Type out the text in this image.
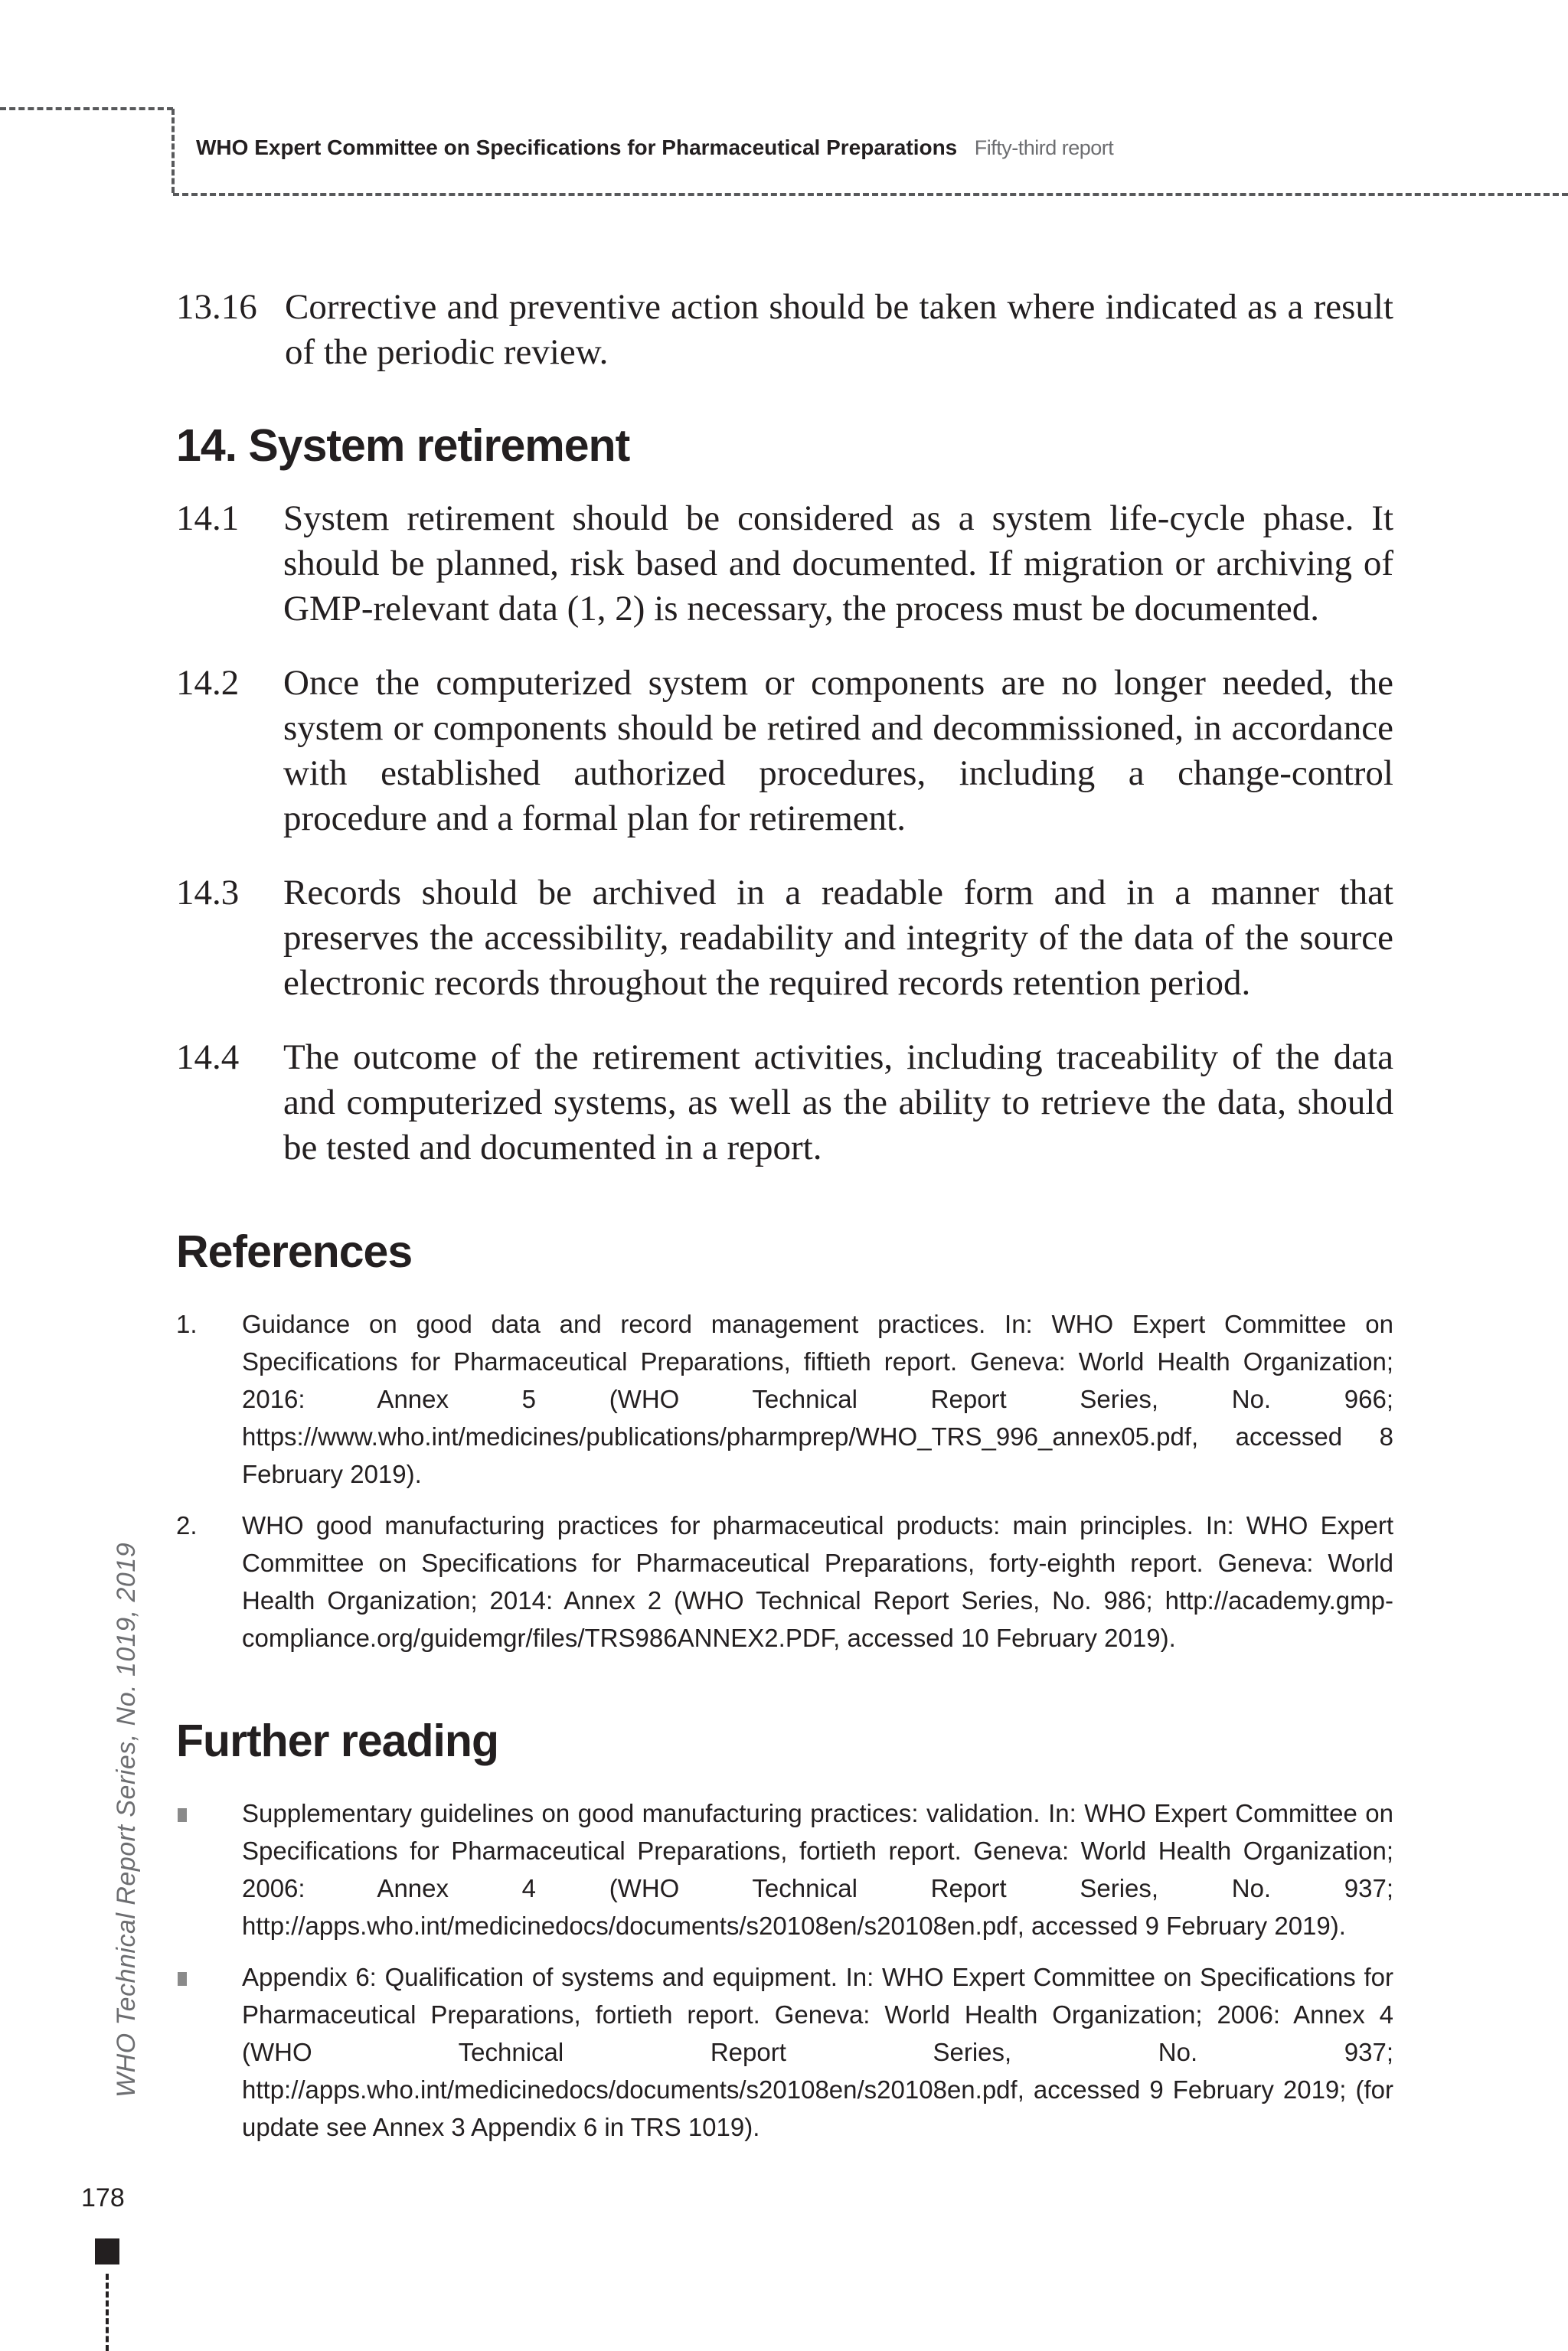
WHO Expert Committee on Specifications for Pharmaceutical Preparations Fifty-third report
13.16 Corrective and preventive action should be taken where indicated as a result of the periodic review.
14. System retirement
14.1	System retirement should be considered as a system life-cycle phase. It should be planned, risk based and documented. If migration or archiving of GMP-relevant data (1, 2) is necessary, the process must be documented.
14.2	Once the computerized system or components are no longer needed, the system or components should be retired and decommissioned, in accordance with established authorized procedures, including a change-control procedure and a formal plan for retirement.
14.3	Records should be archived in a readable form and in a manner that preserves the accessibility, readability and integrity of the data of the source electronic records throughout the required records retention period.
14.4	The outcome of the retirement activities, including traceability of the data and computerized systems, as well as the ability to retrieve the data, should be tested and documented in a report.
References
1.	Guidance on good data and record management practices. In: WHO Expert Committee on Specifications for Pharmaceutical Preparations, fiftieth report. Geneva: World Health Organization; 2016: Annex 5 (WHO Technical Report Series, No. 966; https://www.who.int/medicines/publications/pharmprep/WHO_TRS_996_annex05.pdf, accessed 8 February 2019).
2.	WHO good manufacturing practices for pharmaceutical products: main principles. In: WHO Expert Committee on Specifications for Pharmaceutical Preparations, forty-eighth report. Geneva: World Health Organization; 2014: Annex 2 (WHO Technical Report Series, No. 986; http://academy.gmp-compliance.org/guidemgr/files/TRS986ANNEX2.PDF, accessed 10 February 2019).
Further reading
Supplementary guidelines on good manufacturing practices: validation. In: WHO Expert Committee on Specifications for Pharmaceutical Preparations, fortieth report. Geneva: World Health Organization; 2006: Annex 4 (WHO Technical Report Series, No. 937; http://apps.who.int/medicinedocs/documents/s20108en/s20108en.pdf, accessed 9 February 2019).
Appendix 6: Qualification of systems and equipment. In: WHO Expert Committee on Specifications for Pharmaceutical Preparations, fortieth report. Geneva: World Health Organization; 2006: Annex 4 (WHO Technical Report Series, No. 937; http://apps.who.int/medicinedocs/documents/s20108en/s20108en.pdf, accessed 9 February 2019; (for update see Annex 3 Appendix 6 in TRS 1019).
WHO Technical Report Series, No. 1019, 2019
178
